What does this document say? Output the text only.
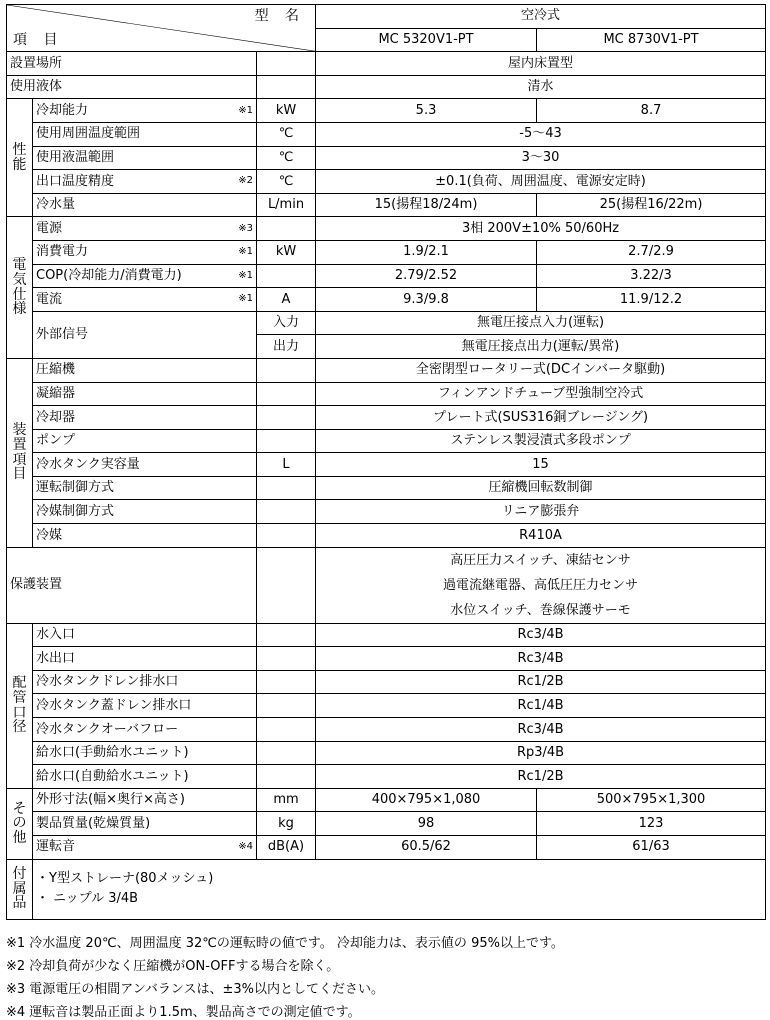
型 名
項 目			空冷式	
			MC 5320V1-PT	MC 8730V1-PT
設置場所			屋内床置型	
使用液体			清水	
性能	冷却能力 ※1	kW	5.3	8.7
	使用周囲温度範囲	℃	-5～43	
	使用液温範囲	℃	3～30	
	出口温度精度 ※2	℃	±0.1(負荷、周囲温度、電源安定時)	
	冷水量	L/min	15(揚程18/24m)	25(揚程16/22m)
電気仕様	電源 ※3		3相 200V±10% 50/60Hz	
	消費電力 ※1	kW	1.9/2.1	2.7/2.9
	COP(冷却能力/消費電力) ※1		2.79/2.52	3.22/3
	電流 ※1	A	9.3/9.8	11.9/12.2
	外部信号	入力	無電圧接点入力(運転)	
		出力	無電圧接点出力(運転/異常)	
装置項目	圧縮機		全密閉型ロータリー式(DCインバータ駆動)	
	凝縮器		フィンアンドチューブ型強制空冷式	
	冷却器		プレート式(SUS316銅ブレージング)	
	ポンプ		ステンレス製浸漬式多段ポンプ	
	冷水タンク実容量	L	15	
	運転制御方式		圧縮機回転数制御	
	冷媒制御方式		リニア膨張弁	
	冷媒		R410A	
保護装置			高圧圧力スイッチ、凍結センサ
過電流継電器、高低圧圧力センサ
水位スイッチ、巻線保護サーモ	

配管口径	水入口		Rc3/4B	
	水出口		Rc3/4B	
	冷水タンクドレン排水口		Rc1/2B	
	冷水タンク蓋ドレン排水口		Rc1/4B	
	冷水タンクオーバフロー		Rc3/4B	
	給水口(手動給水ユニット)		Rp3/4B	
	給水口(自動給水ユニット)		Rc1/2B	
その他	外形寸法(幅×奥行×高さ)	mm	400×795×1,080	500×795×1,300
	製品質量(乾燥質量)	kg	98	123
	運転音 ※4	dB(A)	60.5/62	61/63
付属品	・Y型ストレーナ(80メッシュ)
・ ニップル 3/4B			
※1 冷水温度 20℃、周囲温度 32℃の運転時の値です。 冷却能力は、表示値の 95%以上です。
※2 冷却負荷が少なく圧縮機がON-OFFする場合を除く。
※3 電源電圧の相間アンバランスは、±3%以内としてください。
※4 運転音は製品正面より1.5m、製品高さでの測定値です。
